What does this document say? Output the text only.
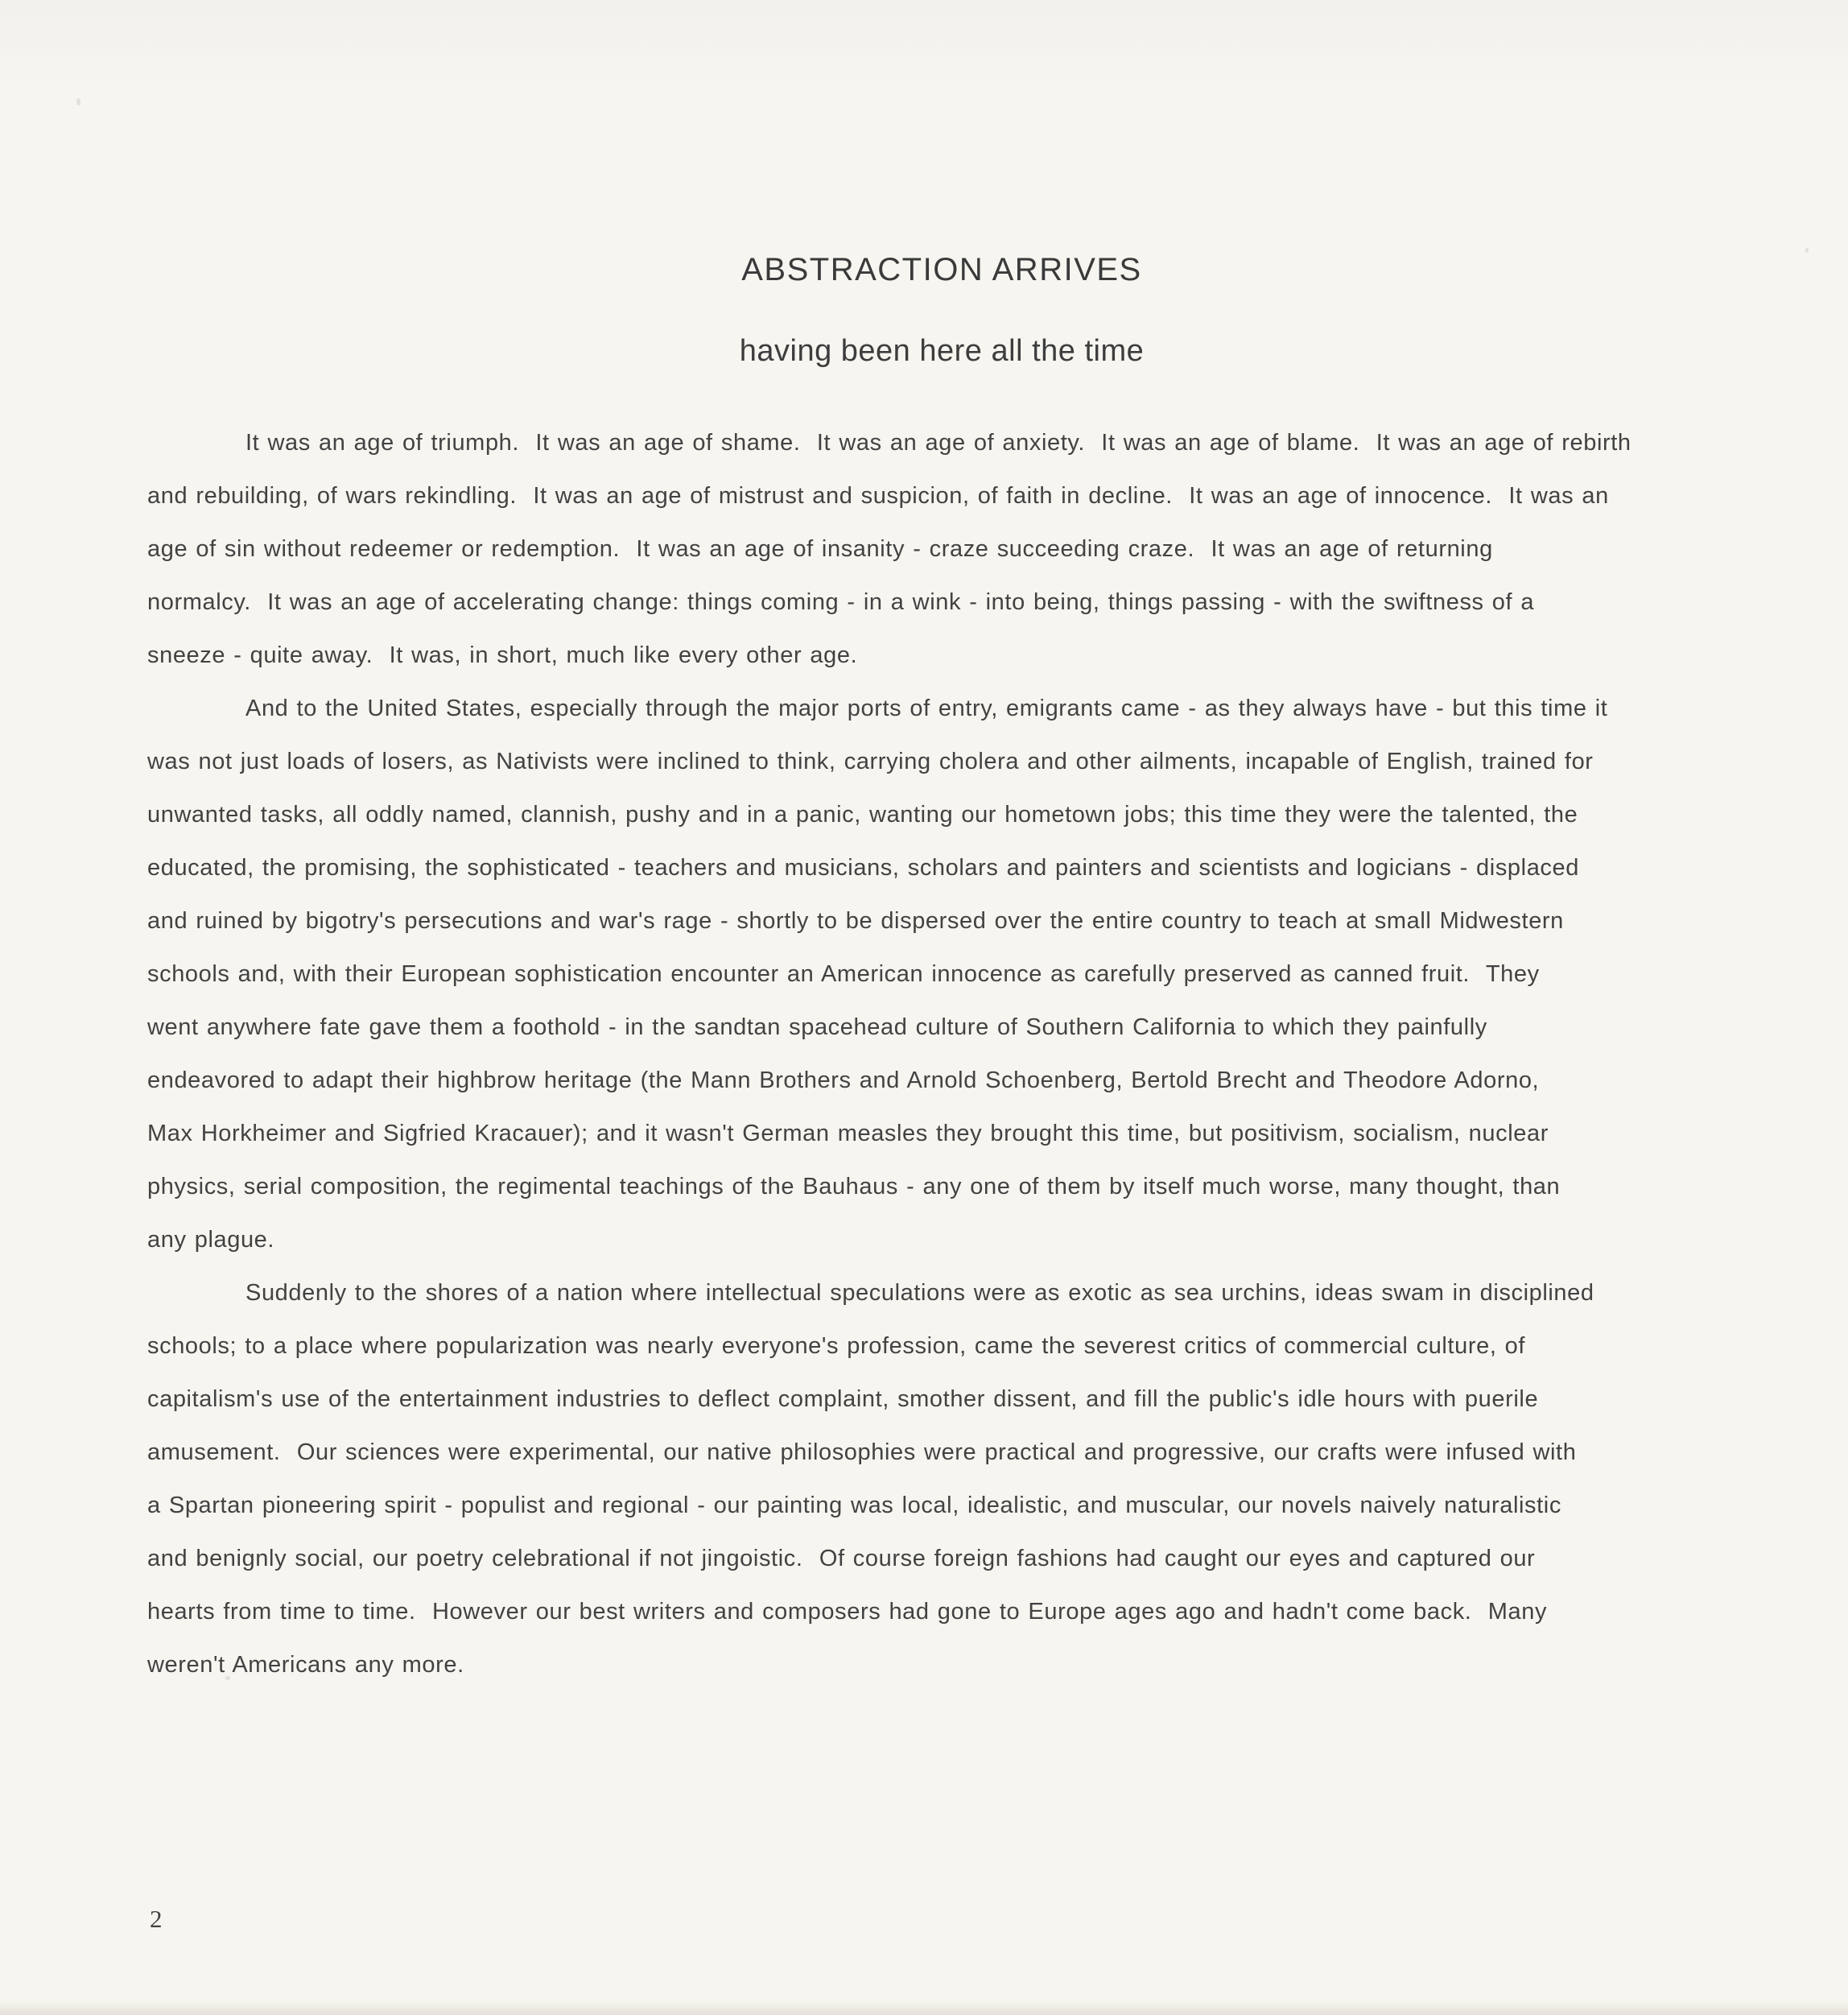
ABSTRACTION ARRIVES
having been here all the time
It was an age of triumph.  It was an age of shame.  It was an age of anxiety.  It was an age of blame.  It was an age of rebirth
and rebuilding, of wars rekindling.  It was an age of mistrust and suspicion, of faith in decline.  It was an age of innocence.  It was an
age of sin without redeemer or redemption.  It was an age of insanity - craze succeeding craze.  It was an age of returning
normalcy.  It was an age of accelerating change: things coming - in a wink - into being, things passing - with the swiftness of a
sneeze - quite away.  It was, in short, much like every other age.
And to the United States, especially through the major ports of entry, emigrants came - as they always have - but this time it
was not just loads of losers, as Nativists were inclined to think, carrying cholera and other ailments, incapable of English, trained for
unwanted tasks, all oddly named, clannish, pushy and in a panic, wanting our hometown jobs; this time they were the talented, the
educated, the promising, the sophisticated - teachers and musicians, scholars and painters and scientists and logicians - displaced
and ruined by bigotry's persecutions and war's rage - shortly to be dispersed over the entire country to teach at small Midwestern
schools and, with their European sophistication encounter an American innocence as carefully preserved as canned fruit.  They
went anywhere fate gave them a foothold - in the sandtan spacehead culture of Southern California to which they painfully
endeavored to adapt their highbrow heritage (the Mann Brothers and Arnold Schoenberg, Bertold Brecht and Theodore Adorno,
Max Horkheimer and Sigfried Kracauer); and it wasn't German measles they brought this time, but positivism, socialism, nuclear
physics, serial composition, the regimental teachings of the Bauhaus - any one of them by itself much worse, many thought, than
any plague.
Suddenly to the shores of a nation where intellectual speculations were as exotic as sea urchins, ideas swam in disciplined
schools; to a place where popularization was nearly everyone's profession, came the severest critics of commercial culture, of
capitalism's use of the entertainment industries to deflect complaint, smother dissent, and fill the public's idle hours with puerile
amusement.  Our sciences were experimental, our native philosophies were practical and progressive, our crafts were infused with
a Spartan pioneering spirit - populist and regional - our painting was local, idealistic, and muscular, our novels naively naturalistic
and benignly social, our poetry celebrational if not jingoistic.  Of course foreign fashions had caught our eyes and captured our
hearts from time to time.  However our best writers and composers had gone to Europe ages ago and hadn't come back.  Many
weren't Americans any more.
2
